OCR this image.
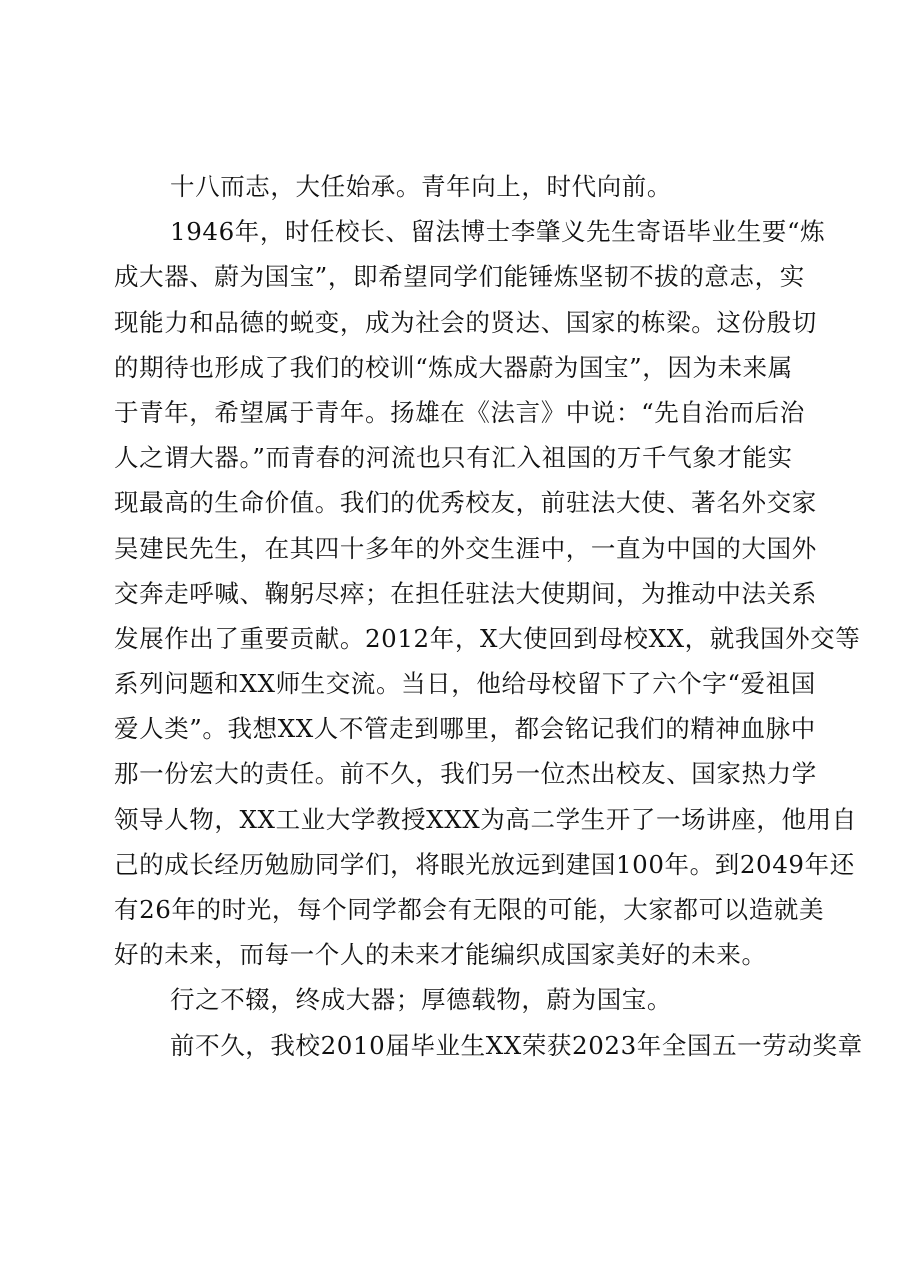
十八而志，大任始承。青年向上，时代向前。
1946年，时任校长、留法博士李肇义先生寄语毕业生要“炼
成大器、蔚为国宝”，即希望同学们能锤炼坚韧不拔的意志，实
现能力和品德的蜕变，成为社会的贤达、国家的栋梁。这份殷切
的期待也形成了我们的校训“炼成大器蔚为国宝”，因为未来属
于青年，希望属于青年。扬雄在《法言》中说：“先自治而后治
人之谓大器。”而青春的河流也只有汇入祖国的万千气象才能实
现最高的生命价值。我们的优秀校友，前驻法大使、著名外交家
吴建民先生，在其四十多年的外交生涯中，一直为中国的大国外
交奔走呼喊、鞠躬尽瘁；在担任驻法大使期间，为推动中法关系
发展作出了重要贡献。2012年，X大使回到母校XX，就我国外交等
系列问题和XX师生交流。当日，他给母校留下了六个字“爱祖国
爱人类”。我想XX人不管走到哪里，都会铭记我们的精神血脉中
那一份宏大的责任。前不久，我们另一位杰出校友、国家热力学
领导人物，XX工业大学教授XXX为高二学生开了一场讲座，他用自
己的成长经历勉励同学们，将眼光放远到建国100年。到2049年还
有26年的时光，每个同学都会有无限的可能，大家都可以造就美
好的未来，而每一个人的未来才能编织成国家美好的未来。
行之不辍，终成大器；厚德载物，蔚为国宝。
前不久，我校2010届毕业生XX荣获2023年全国五一劳动奖章
